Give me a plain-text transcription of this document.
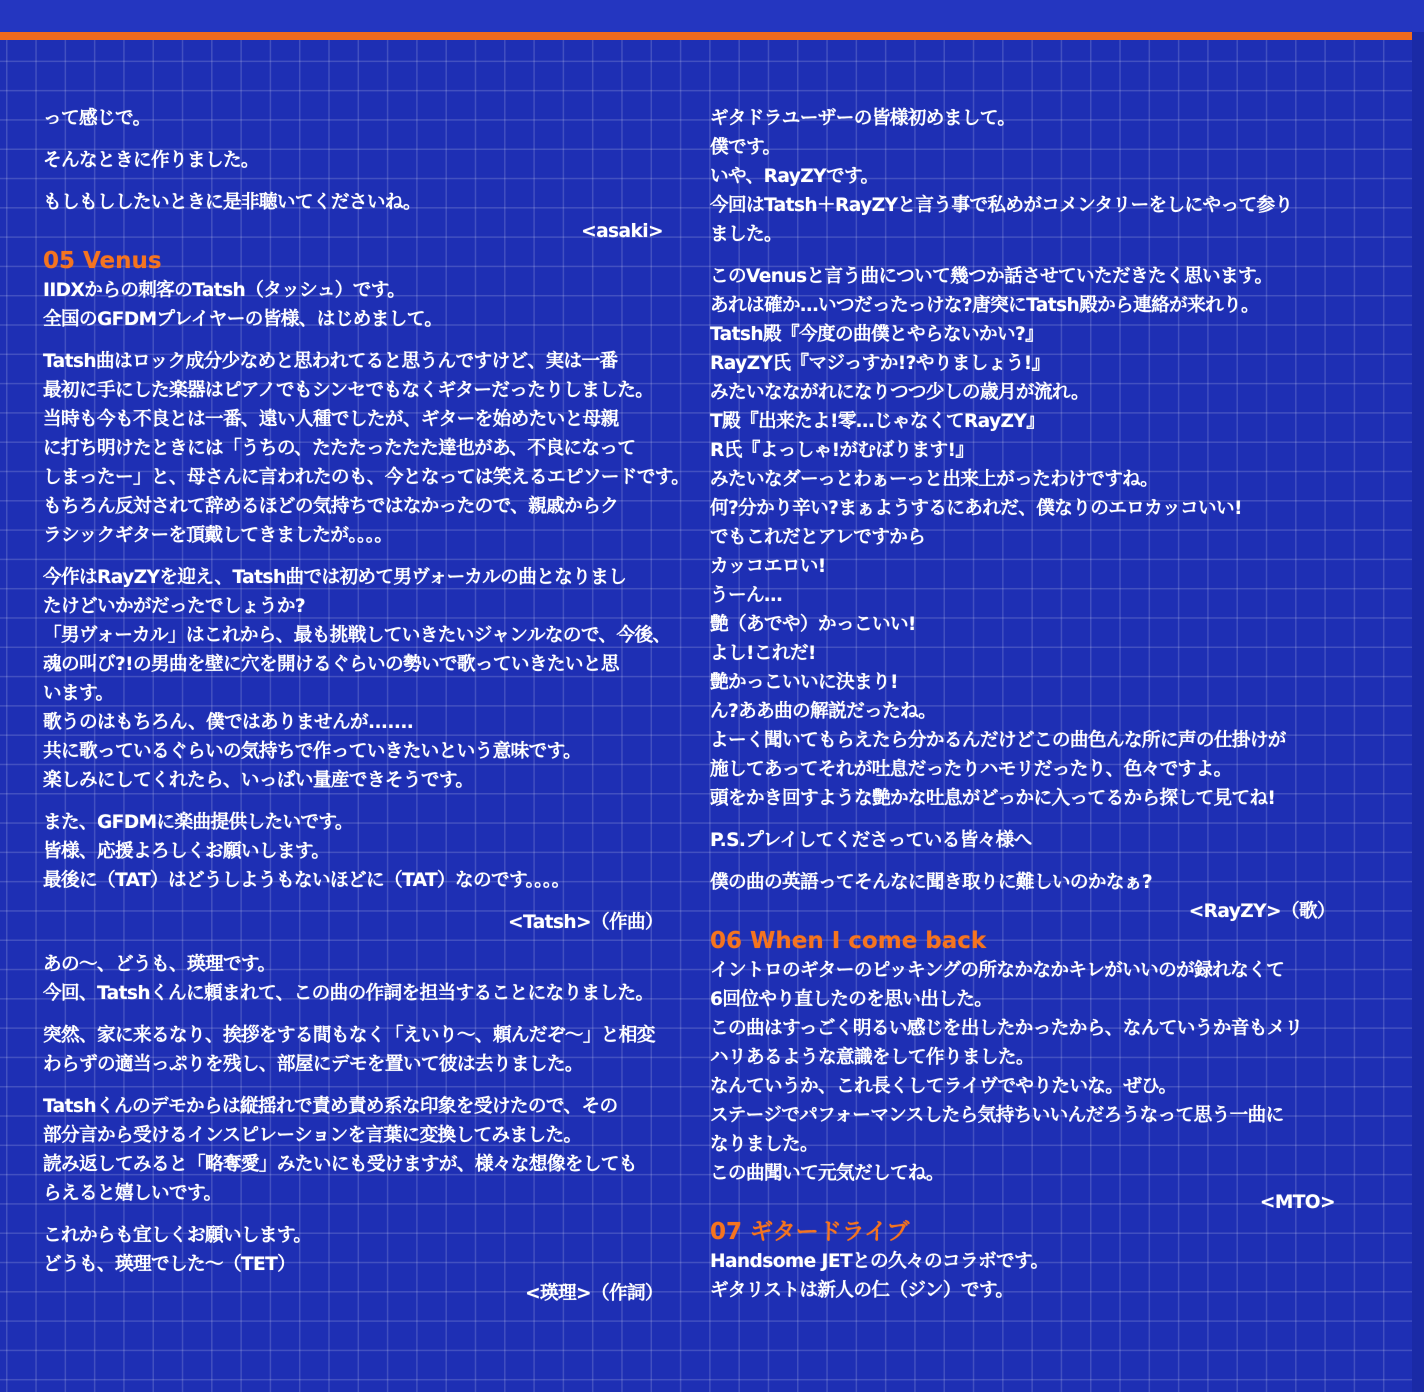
って感じで。
そんなときに作りました。
もしもししたいときに是非聴いてくださいね。
<asaki>
05 Venus
IIDXからの刺客のTatsh（タッシュ）です。
全国のGFDMプレイヤーの皆様、はじめまして。
Tatsh曲はロック成分少なめと思われてると思うんですけど、実は一番
最初に手にした楽器はピアノでもシンセでもなくギターだったりしました。
当時も今も不良とは一番、遠い人種でしたが、ギターを始めたいと母親
に打ち明けたときには「うちの、たたたったたた達也があ、不良になって
しまったー」と、母さんに言われたのも、今となっては笑えるエピソードです。
もちろん反対されて辞めるほどの気持ちではなかったので、親戚からク
ラシックギターを頂戴してきましたが。。。。
今作はRayZYを迎え、Tatsh曲では初めて男ヴォーカルの曲となりまし
たけどいかがだったでしょうか?
「男ヴォーカル」はこれから、最も挑戦していきたいジャンルなので、今後、
魂の叫び?!の男曲を壁に穴を開けるぐらいの勢いで歌っていきたいと思
います。
歌うのはもちろん、僕ではありませんが.......
共に歌っているぐらいの気持ちで作っていきたいという意味です。
楽しみにしてくれたら、いっぱい量産できそうです。
また、GFDMに楽曲提供したいです。
皆様、応援よろしくお願いします。
最後に（TAT）はどうしようもないほどに（TAT）なのです。。。。
<Tatsh>（作曲）
あの〜、どうも、瑛理です。
今回、Tatshくんに頼まれて、この曲の作詞を担当することになりました。
突然、家に来るなり、挨拶をする間もなく「えいり〜、頼んだぞ〜」と相変
わらずの適当っぷりを残し、部屋にデモを置いて彼は去りました。
Tatshくんのデモからは縦揺れで責め責め系な印象を受けたので、その
部分言から受けるインスピレーションを言葉に変換してみました。
読み返してみると「略奪愛」みたいにも受けますが、様々な想像をしても
らえると嬉しいです。
これからも宜しくお願いします。
どうも、瑛理でした〜（TET）
<瑛理>（作詞）
ギタドラユーザーの皆様初めまして。
僕です。
いや、RayZYです。
今回はTatsh＋RayZYと言う事で私めがコメンタリーをしにやって参り
ました。
このVenusと言う曲について幾つか話させていただきたく思います。
あれは確か…いつだったっけな?唐突にTatsh殿から連絡が来れり。
Tatsh殿『今度の曲僕とやらないかい?』
RayZY氏『マジっすか!?やりましょう!』
みたいなながれになりつつ少しの歳月が流れ。
T殿『出来たよ!零…じゃなくてRayZY』
R氏『よっしゃ!がむばります!』
みたいなダーっとわぁーっと出来上がったわけですね。
何?分かり辛い?まぁようするにあれだ、僕なりのエロカッコいい!
でもこれだとアレですから
カッコエロい!
うーん…
艶（あでや）かっこいい!
よし!これだ!
艶かっこいいに決まり!
ん?ああ曲の解説だったね。
よーく聞いてもらえたら分かるんだけどこの曲色んな所に声の仕掛けが
施してあってそれが吐息だったりハモリだったり、色々ですよ。
頭をかき回すような艶かな吐息がどっかに入ってるから探して見てね!
P.S.プレイしてくださっている皆々様へ
僕の曲の英語ってそんなに聞き取りに難しいのかなぁ?
<RayZY>（歌）
06 When I come back
イントロのギターのピッキングの所なかなかキレがいいのが録れなくて
6回位やり直したのを思い出した。
この曲はすっごく明るい感じを出したかったから、なんていうか音もメリ
ハリあるような意識をして作りました。
なんていうか、これ長くしてライヴでやりたいな。ぜひ。
ステージでパフォーマンスしたら気持ちいいんだろうなって思う一曲に
なりました。
この曲聞いて元気だしてね。
<MTO>
07 ギタードライブ
Handsome JETとの久々のコラボです。
ギタリストは新人の仁（ジン）です。
